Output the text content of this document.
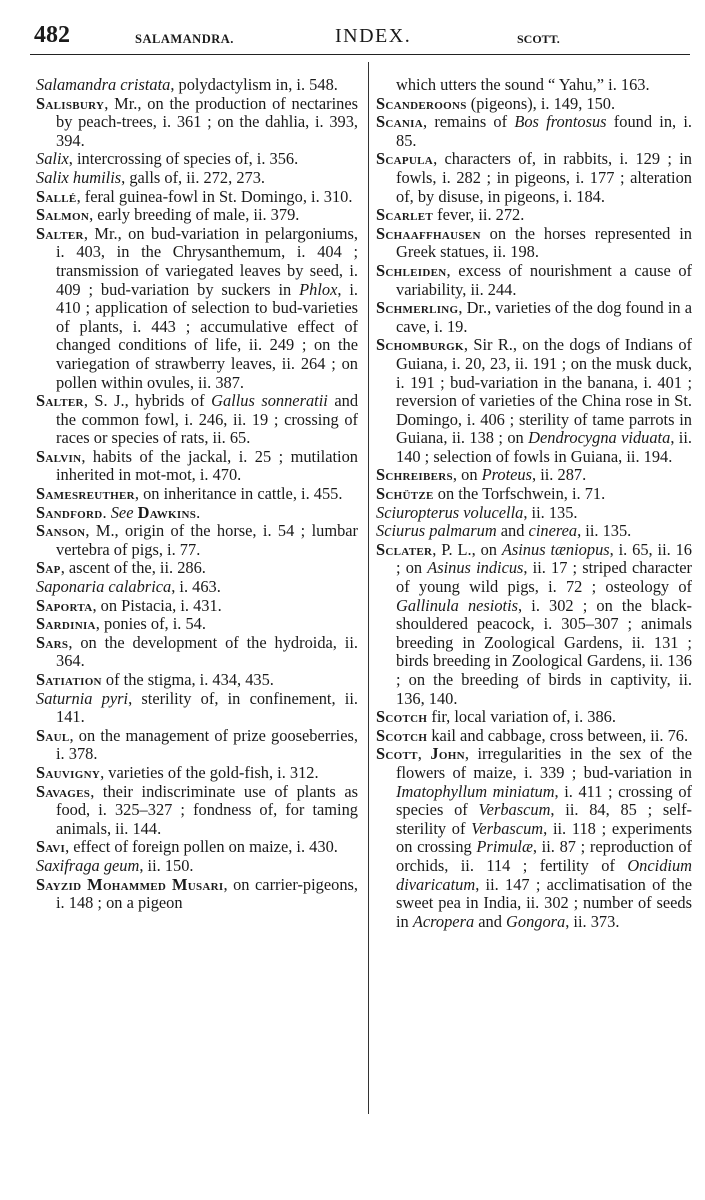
482	SALAMANDRA.	INDEX.	SCOTT.

Salamandra cristata, polydactylism in, i. 548.

Salisbury, Mr., on the production of nectarines by peach-trees, i. 361 ; on the dahlia, i. 393, 394.

Salix, intercrossing of species of, i. 356.

Salix humilis, galls of, ii. 272, 273.

Sallé, feral guinea-fowl in St. Domingo, i. 310.

Salmon, early breeding of male, ii. 379.

Salter, Mr., on bud-variation in pelargoniums, i. 403, in the Chrysanthemum, i. 404 ; transmission of variegated leaves by seed, i. 409 ; bud-variation by suckers in Phlox, i. 410 ; application of selection to bud-varieties of plants, i. 443 ; accumulative effect of changed conditions of life, ii. 249 ; on the variegation of strawberry leaves, ii. 264 ; on pollen within ovules, ii. 387.

Salter, S. J., hybrids of Gallus sonneratii and the common fowl, i. 246, ii. 19 ; crossing of races or species of rats, ii. 65.

Salvin, habits of the jackal, i. 25 ; mutilation inherited in mot-mot, i. 470.

Samesreuther, on inheritance in cattle, i. 455.

Sandford. See Dawkins.

Sanson, M., origin of the horse, i. 54 ; lumbar vertebra of pigs, i. 77.

Sap, ascent of the, ii. 286.

Saponaria calabrica, i. 463.

Saporta, on Pistacia, i. 431.

Sardinia, ponies of, i. 54.

Sars, on the development of the hydroida, ii. 364.

Satiation of the stigma, i. 434, 435.

Saturnia pyri, sterility of, in confinement, ii. 141.

Saul, on the management of prize gooseberries, i. 378.

Sauvigny, varieties of the gold-fish, i. 312.

Savages, their indiscriminate use of plants as food, i. 325–327 ; fondness of, for taming animals, ii. 144.

Savi, effect of foreign pollen on maize, i. 430.

Saxifraga geum, ii. 150.

Sayzid Mohammed Musari, on carrier-pigeons, i. 148 ; on a pigeon

which utters the sound “ Yahu,” i. 163.

Scanderoons (pigeons), i. 149, 150.

Scania, remains of Bos frontosus found in, i. 85.

Scapula, characters of, in rabbits, i. 129 ; in fowls, i. 282 ; in pigeons, i. 177 ; alteration of, by disuse, in pigeons, i. 184.

Scarlet fever, ii. 272.

Schaaffhausen on the horses represented in Greek statues, ii. 198.

Schleiden, excess of nourishment a cause of variability, ii. 244.

Schmerling, Dr., varieties of the dog found in a cave, i. 19.

Schomburgk, Sir R., on the dogs of Indians of Guiana, i. 20, 23, ii. 191 ; on the musk duck, i. 191 ; bud-variation in the banana, i. 401 ; reversion of varieties of the China rose in St. Domingo, i. 406 ; sterility of tame parrots in Guiana, ii. 138 ; on Dendrocygna viduata, ii. 140 ; selection of fowls in Guiana, ii. 194.

Schreibers, on Proteus, ii. 287.

Schütze on the Torfschwein, i. 71.

Sciuropterus volucella, ii. 135.

Sciurus palmarum and cinerea, ii. 135.

Sclater, P. L., on Asinus tæniopus, i. 65, ii. 16 ; on Asinus indicus, ii. 17 ; striped character of young wild pigs, i. 72 ; osteology of Gallinula nesiotis, i. 302 ; on the black-shouldered peacock, i. 305–307 ; animals breeding in Zoological Gardens, ii. 131 ; birds breeding in Zoological Gardens, ii. 136 ; on the breeding of birds in captivity, ii. 136, 140.

Scotch fir, local variation of, i. 386.

Scotch kail and cabbage, cross between, ii. 76.

Scott, John, irregularities in the sex of the flowers of maize, i. 339 ; bud-variation in Imatophyllum miniatum, i. 411 ; crossing of species of Verbascum, ii. 84, 85 ; self-sterility of Verbascum, ii. 118 ; experiments on crossing Primulæ, ii. 87 ; reproduction of orchids, ii. 114 ; fertility of Oncidium divaricatum, ii. 147 ; acclimatisation of the sweet pea in India, ii. 302 ; number of seeds in Acropera and Gongora, ii. 373.
